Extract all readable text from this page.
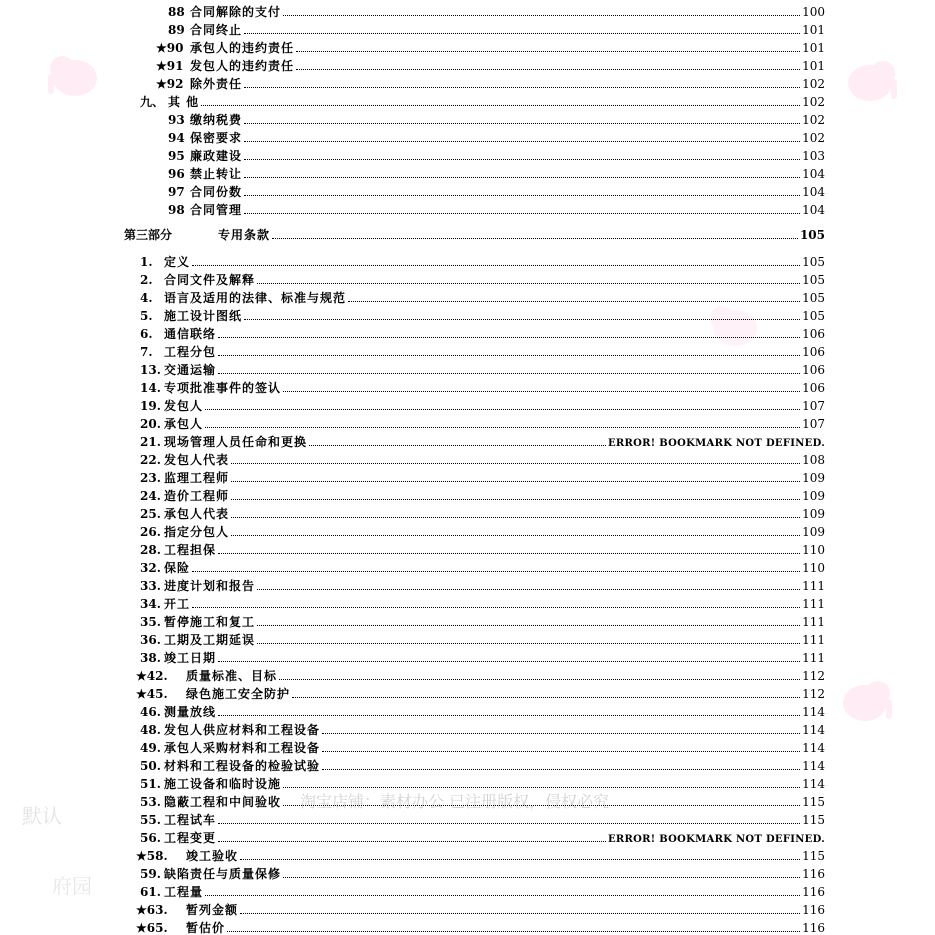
淘宝店铺：素材办公 已注册版权，侵权必究
默认
府园
88 合同解除的支付	100
89 合同终止	101
★90 承包人的违约责任	101
★91 发包人的违约责任	101
★92 除外责任	102
九、 其 他	102
93 缴纳税费	102
94 保密要求	102
95 廉政建设	103
96 禁止转让	104
97 合同份数	104
98 合同管理	104
第三部分	专用条款	105
1. 定义	105
2. 合同文件及解释	105
4. 语言及适用的法律、标准与规范	105
5. 施工设计图纸	105
6. 通信联络	106
7. 工程分包	106
13. 交通运输	106
14. 专项批准事件的签认	106
19. 发包人	107
20. 承包人	107
21. 现场管理人员任命和更换	ERROR! BOOKMARK NOT DEFINED.
22. 发包人代表	108
23. 监理工程师	109
24. 造价工程师	109
25. 承包人代表	109
26. 指定分包人	109
28. 工程担保	110
32. 保险	110
33. 进度计划和报告	111
34. 开工	111
35. 暂停施工和复工	111
36. 工期及工期延误	111
38. 竣工日期	111
★42.	质量标准、目标	112
★45.	绿色施工安全防护	112
46. 测量放线	114
48. 发包人供应材料和工程设备	114
49. 承包人采购材料和工程设备	114
50. 材料和工程设备的检验试验	114
51. 施工设备和临时设施	114
53. 隐蔽工程和中间验收	115
55. 工程试车	115
56. 工程变更	ERROR! BOOKMARK NOT DEFINED.
★58.	竣工验收	115
59. 缺陷责任与质量保修	116
61. 工程量	116
★63.	暂列金额	116
★65.	暂估价	116
